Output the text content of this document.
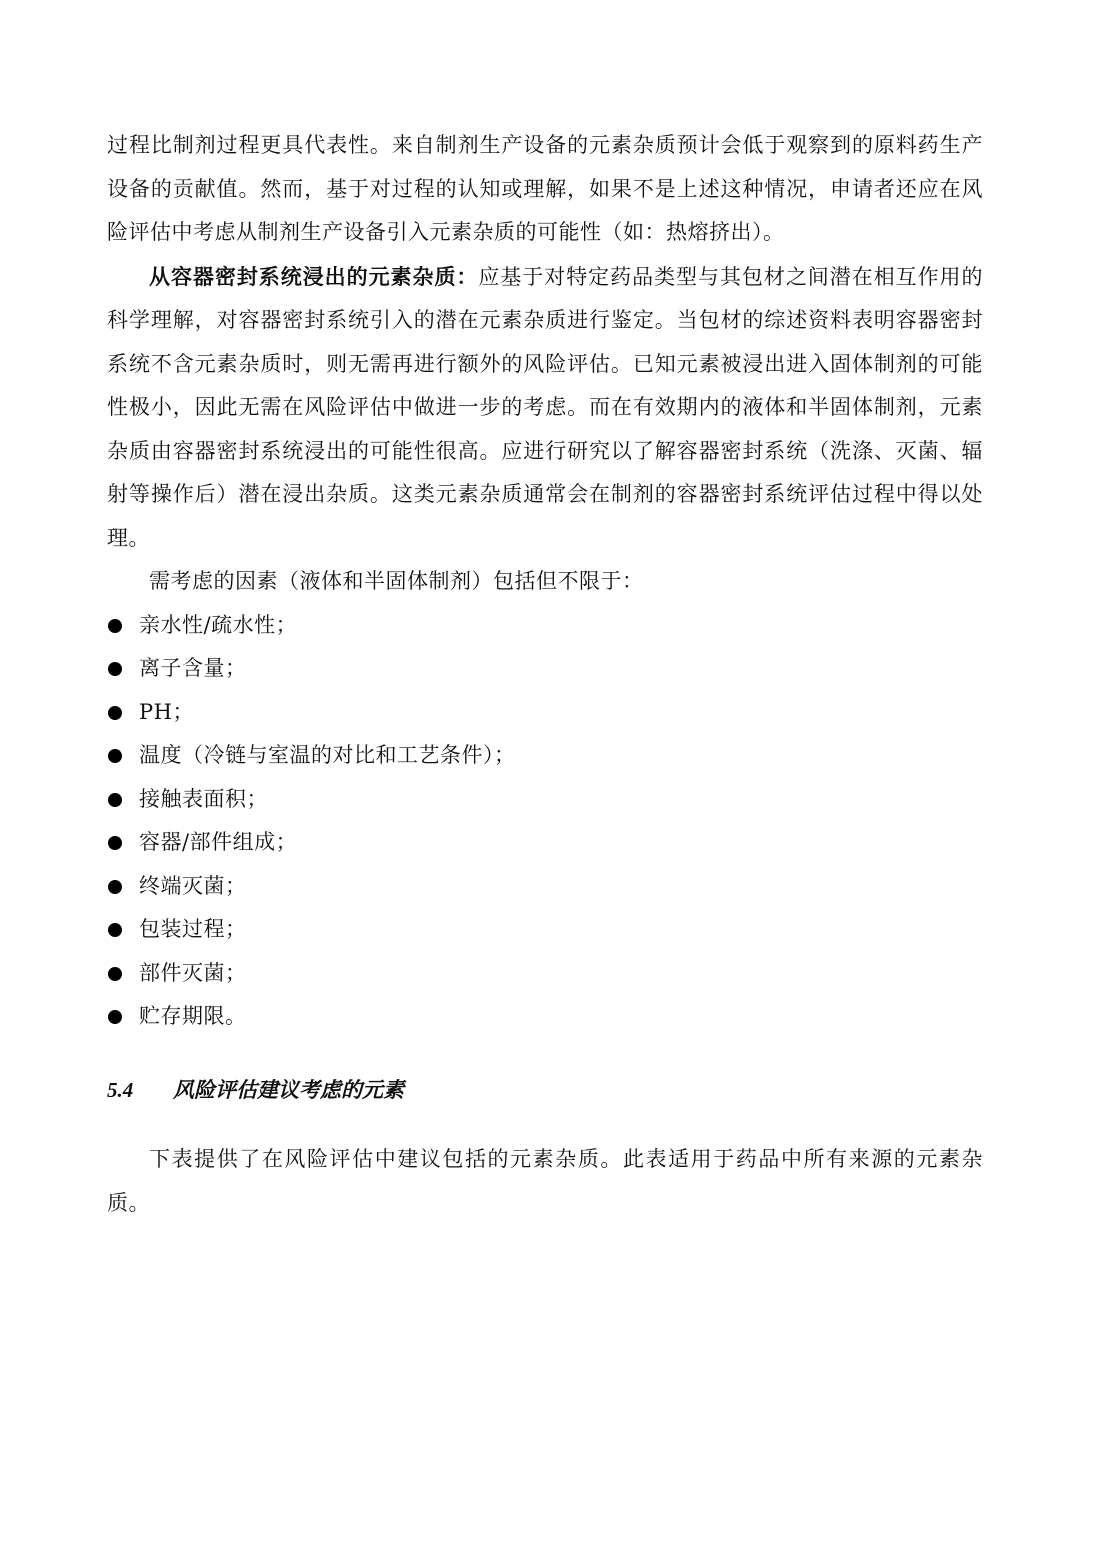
过程比制剂过程更具代表性。来自制剂生产设备的元素杂质预计会低于观察到的原料药生产设备的贡献值。然而，基于对过程的认知或理解，如果不是上述这种情况，申请者还应在风险评估中考虑从制剂生产设备引入元素杂质的可能性（如：热熔挤出）。

从容器密封系统浸出的元素杂质：应基于对特定药品类型与其包材之间潜在相互作用的科学理解，对容器密封系统引入的潜在元素杂质进行鉴定。当包材的综述资料表明容器密封系统不含元素杂质时，则无需再进行额外的风险评估。已知元素被浸出进入固体制剂的可能性极小，因此无需在风险评估中做进一步的考虑。而在有效期内的液体和半固体制剂，元素杂质由容器密封系统浸出的可能性很高。应进行研究以了解容器密封系统（洗涤、灭菌、辐射等操作后）潜在浸出杂质。这类元素杂质通常会在制剂的容器密封系统评估过程中得以处理。

需考虑的因素（液体和半固体制剂）包括但不限于：

亲水性/疏水性；
离子含量；
PH；
温度（冷链与室温的对比和工艺条件）；
接触表面积；
容器/部件组成；
终端灭菌；
包装过程；
部件灭菌；
贮存期限。
5.4 风险评估建议考虑的元素

下表提供了在风险评估中建议包括的元素杂质。此表适用于药品中所有来源的元素杂质。
